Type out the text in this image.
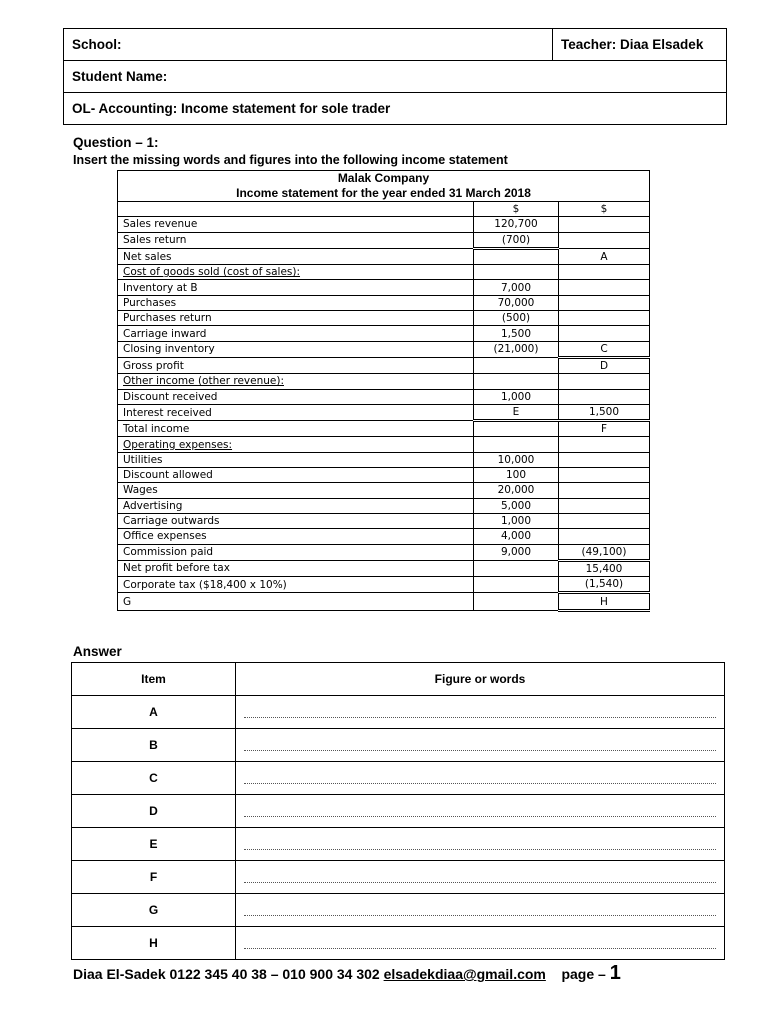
School:	Teacher: Diaa Elsadek
Student Name:
OL- Accounting: Income statement for sole trader
Question – 1:
Insert the missing words and figures into the following income statement
Malak Company
Income statement for the year ended 31 March 2018		

	$	$
Sales revenue	120,700	
Sales return	(700)	
Net sales		A
Cost of goods sold (cost of sales):		
Inventory at B	7,000	
Purchases	70,000	
Purchases return	(500)	
Carriage inward	1,500	
Closing inventory	(21,000)	C
Gross profit		D
Other income (other revenue):		
Discount received	1,000	
Interest received	E	1,500
Total income		F
Operating expenses:		
Utilities	10,000	
Discount allowed	100	
Wages	20,000	
Advertising	5,000	
Carriage outwards	1,000	
Office expenses	4,000	
Commission paid	9,000	(49,100)
Net profit before tax		15,400
Corporate tax ($18,400 x 10%)		(1,540)
G		H
Answer
Item	Figure or words
A	

B	

C	

D	

E	

F	

G	

H	
Diaa El-Sadek 0122 345 40 38 – 010 900 34 302 elsadekdiaa@gmail.com page – 1
